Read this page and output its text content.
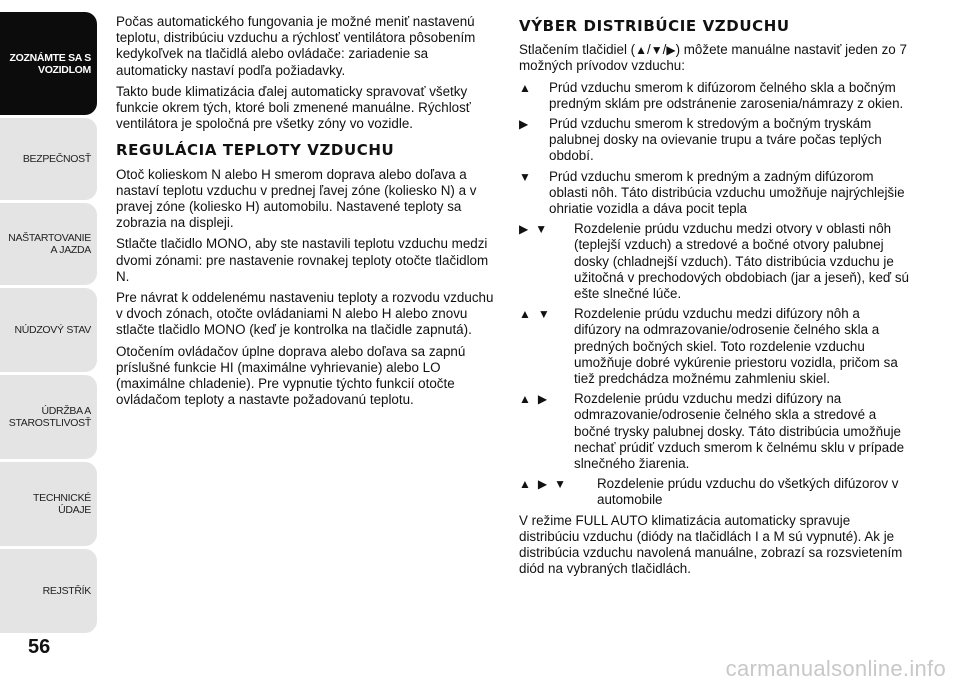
ZOZNÁMTE SA S VOZIDLOM
BEZPEČNOSŤ
NAŠTARTOVANIE A JAZDA
NÚDZOVÝ STAV
ÚDRŽBA A STAROSTLIVOSŤ
TECHNICKÉ ÚDAJE
REJSTŘÍK
56

Počas automatického fungovania je možné meniť nastavenú teplotu, distribúciu vzduchu a rýchlosť ventilátora pôsobením kedykoľvek na tlačidlá alebo ovládače: zariadenie sa automaticky nastaví podľa požiadavky.

Takto bude klimatizácia ďalej automaticky spravovať všetky funkcie okrem tých, ktoré boli zmenené manuálne. Rýchlosť ventilátora je spoločná pre všetky zóny vo vozidle.

REGULÁCIA TEPLOTY VZDUCHU

Otoč kolieskom N alebo H smerom doprava alebo doľava a nastaví teplotu vzduchu v prednej ľavej zóne (koliesko N) a v pravej zóne (koliesko H) automobilu. Nastavené teploty sa zobrazia na displeji.

Stlačte tlačidlo MONO, aby ste nastavili teplotu vzduchu medzi dvomi zónami: pre nastavenie rovnakej teploty otočte tlačidlom N.

Pre návrat k oddelenému nastaveniu teploty a rozvodu vzduchu v dvoch zónach, otočte ovládaniami N alebo H alebo znovu stlačte tlačidlo MONO (keď je kontrolka na tlačidle zapnutá).

Otočením ovládačov úplne doprava alebo doľava sa zapnú príslušné funkcie HI (maximálne vyhrievanie) alebo LO (maximálne chladenie). Pre vypnutie týchto funkcií otočte ovládačom teploty a nastavte požadovanú teplotu.

VÝBER DISTRIBÚCIE VZDUCHU

Stlačením tlačidiel (▲/▼/▶) môžete manuálne nastaviť jeden zo 7 možných prívodov vzduchu:

▲ Prúd vzduchu smerom k difúzorom čelného skla a bočným predným sklám pre odstránenie zarosenia/námrazy z okien.
▶ Prúd vzduchu smerom k stredovým a bočným tryskám palubnej dosky na ovievanie trupu a tváre počas teplých období.
▼ Prúd vzduchu smerom k predným a zadným difúzorom oblasti nôh. Táto distribúcia vzduchu umožňuje najrýchlejšie ohriatie vozidla a dáva pocit tepla
▶ ▼ Rozdelenie prúdu vzduchu medzi otvory v oblasti nôh (teplejší vzduch) a stredové a bočné otvory palubnej dosky (chladnejší vzduch). Táto distribúcia vzduchu je užitočná v prechodových obdobiach (jar a jeseň), keď sú ešte slnečné lúče.
▲ ▼ Rozdelenie prúdu vzduchu medzi difúzory nôh a difúzory na odmrazovanie/odrosenie čelného skla a predných bočných skiel. Toto rozdelenie vzduchu umožňuje dobré vykúrenie priestoru vozidla, pričom sa tiež predchádza možnému zahmleniu skiel.
▲ ▶ Rozdelenie prúdu vzduchu medzi difúzory na odmrazovanie/odrosenie čelného skla a stredové a bočné trysky palubnej dosky. Táto distribúcia umožňuje nechať prúdiť vzduch smerom k čelnému sklu v prípade slnečného žiarenia.
▲ ▶ ▼ Rozdelenie prúdu vzduchu do všetkých difúzorov v automobile

V režime FULL AUTO klimatizácia automaticky spravuje distribúciu vzduchu (diódy na tlačidlách I a M sú vypnuté). Ak je distribúcia vzduchu navolená manuálne, zobrazí sa rozsvietením diód na vybraných tlačidlách.

carmanualsonline.info
